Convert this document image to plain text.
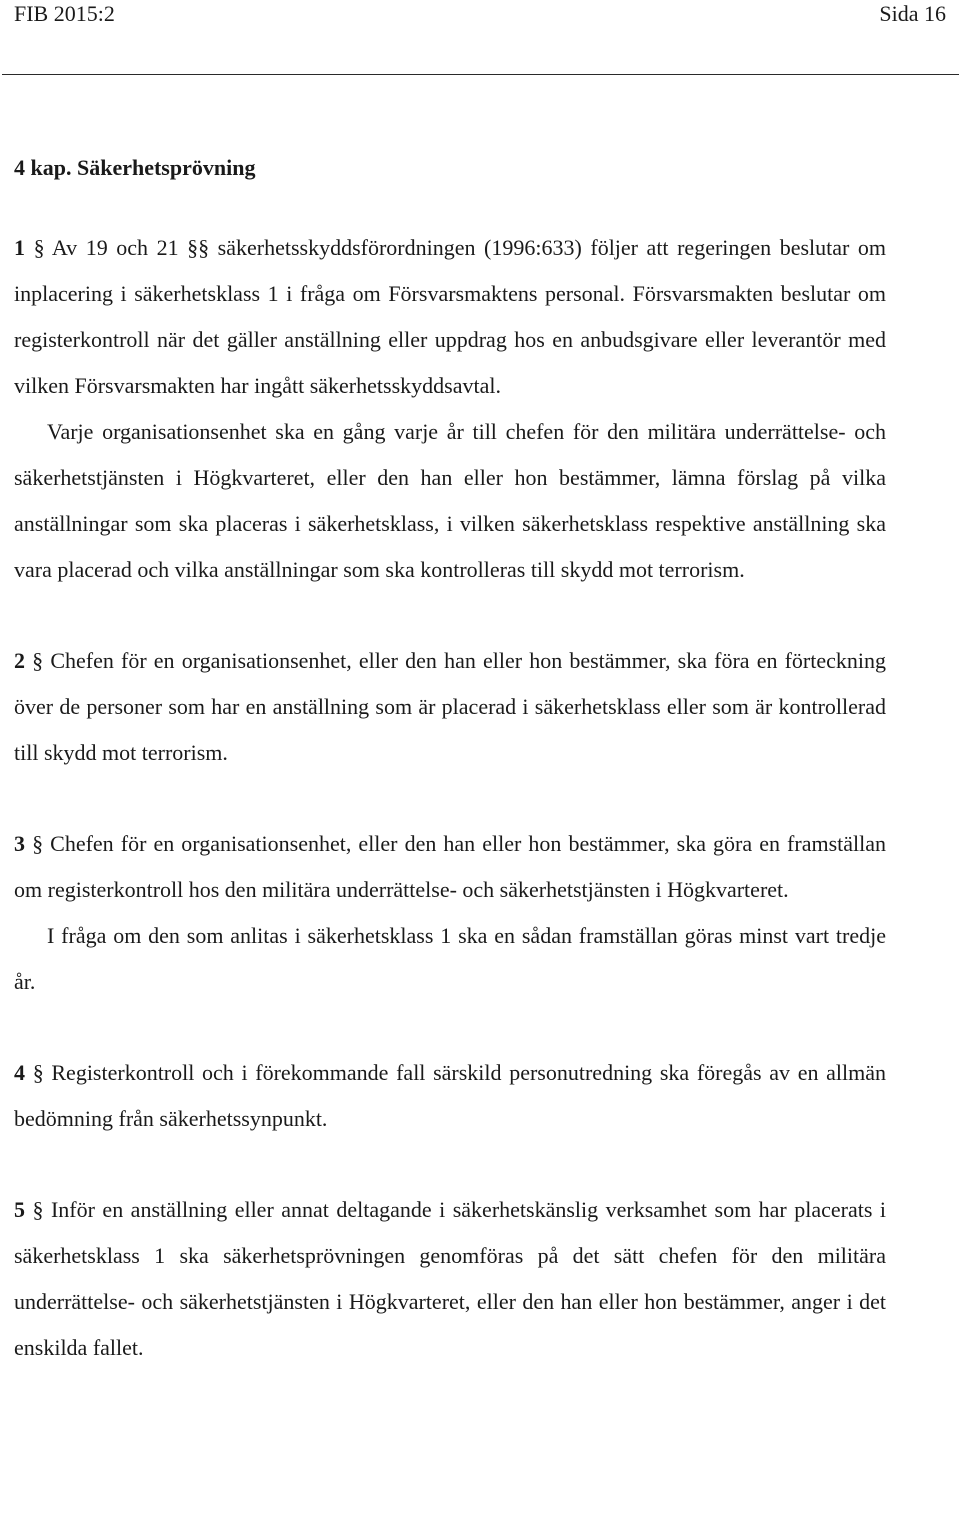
FIB 2015:2	Sida 16
4 kap. Säkerhetsprövning

1 § Av 19 och 21 §§ säkerhetsskyddsförordningen (1996:633) följer att regeringen beslutar om inplacering i säkerhetsklass 1 i fråga om Försvarsmaktens personal. Försvarsmakten beslutar om registerkontroll när det gäller anställning eller uppdrag hos en anbudsgivare eller leverantör med vilken Försvarsmakten har ingått säkerhetsskyddsavtal.

Varje organisationsenhet ska en gång varje år till chefen för den militära underrättelse- och säkerhetstjänsten i Högkvarteret, eller den han eller hon bestämmer, lämna förslag på vilka anställningar som ska placeras i säkerhetsklass, i vilken säkerhetsklass respektive anställning ska vara placerad och vilka anställningar som ska kontrolleras till skydd mot terrorism.

2 § Chefen för en organisationsenhet, eller den han eller hon bestämmer, ska föra en förteckning över de personer som har en anställning som är placerad i säkerhetsklass eller som är kontrollerad till skydd mot terrorism.

3 § Chefen för en organisationsenhet, eller den han eller hon bestämmer, ska göra en framställan om registerkontroll hos den militära underrättelse- och säkerhetstjänsten i Högkvarteret.

I fråga om den som anlitas i säkerhetsklass 1 ska en sådan framställan göras minst vart tredje år.

4 § Registerkontroll och i förekommande fall särskild personutredning ska föregås av en allmän bedömning från säkerhetssynpunkt.

5 § Inför en anställning eller annat deltagande i säkerhetskänslig verksamhet som har placerats i säkerhetsklass 1 ska säkerhetsprövningen genomföras på det sätt chefen för den militära underrättelse- och säkerhetstjänsten i Högkvarteret, eller den han eller hon bestämmer, anger i det enskilda fallet.
